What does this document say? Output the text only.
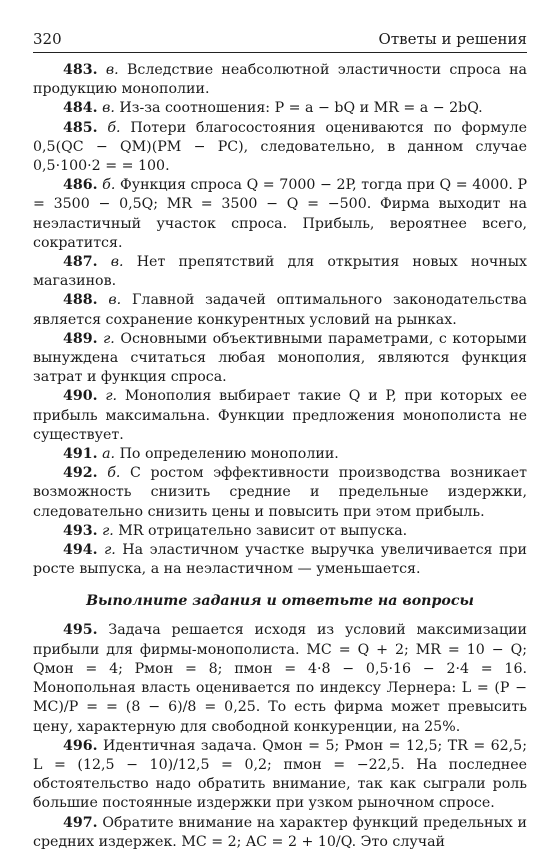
320	Ответы и решения

483. в. Вследствие неабсолютной эластичности спроса на продукцию монополии.

484. в. Из-за соотношения: P = a − bQ и MR = a − 2bQ.

485. б. Потери благосостояния оцениваются по формуле 0,5(QC − QM)(PM − PC), следовательно, в данном случае 0,5·100·2 = = 100.

486. б. Функция спроса Q = 7000 − 2P, тогда при Q = 4000. P = 3500 − 0,5Q; MR = 3500 − Q = −500. Фирма выходит на неэластичный участок спроса. Прибыль, вероятнее всего, сократится.

487. в. Нет препятствий для открытия новых ночных магазинов.

488. в. Главной задачей оптимального законодательства является сохранение конкурентных условий на рынках.

489. г. Основными объективными параметрами, с которыми вынуждена считаться любая монополия, являются функция затрат и функция спроса.

490. г. Монополия выбирает такие Q и P, при которых ее прибыль максимальна. Функции предложения монополиста не существует.

491. а. По определению монополии.

492. б. С ростом эффективности производства возникает возможность снизить средние и предельные издержки, следовательно снизить цены и повысить при этом прибыль.

493. г. MR отрицательно зависит от выпуска.

494. г. На эластичном участке выручка увеличивается при росте выпуска, а на неэластичном — уменьшается.

Выполните задания и ответьте на вопросы

495. Задача решается исходя из условий максимизации прибыли для фирмы-монополиста. MC = Q + 2; MR = 10 − Q; Qмон = 4; Pмон = 8; πмон = 4·8 − 0,5·16 − 2·4 = 16. Монопольная власть оценивается по индексу Лернера: L = (P − MC)/P = = (8 − 6)/8 = 0,25. То есть фирма может превысить цену, характерную для свободной конкуренции, на 25%.

496. Идентичная задача. Qмон = 5; Pмон = 12,5; TR = 62,5; L = (12,5 − 10)/12,5 = 0,2; πмон = −22,5. На последнее обстоятельство надо обратить внимание, так как сыграли роль большие постоянные издержки при узком рыночном спросе.

497. Обратите внимание на характер функций предельных и средних издержек. MC = 2; AC = 2 + 10/Q. Это случай
